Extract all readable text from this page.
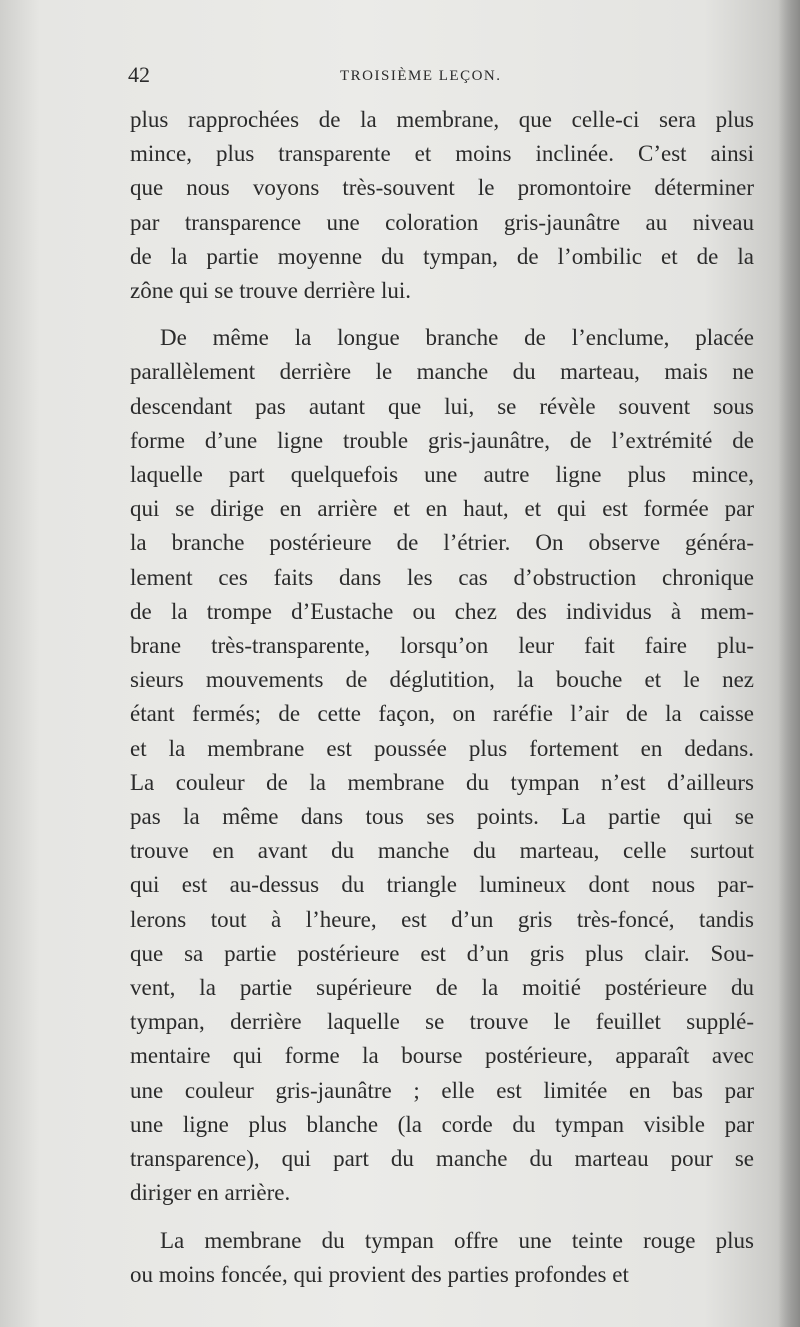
42	TROISIÈME LEÇON.
plus rapprochées de la membrane, que celle-ci sera plus
mince, plus transparente et moins inclinée. C’est ainsi
que nous voyons très-souvent le promontoire déterminer
par transparence une coloration gris-jaunâtre au niveau
de la partie moyenne du tympan, de l’ombilic et de la
zône qui se trouve derrière lui.
De même la longue branche de l’enclume, placée
parallèlement derrière le manche du marteau, mais ne
descendant pas autant que lui, se révèle souvent sous
forme d’une ligne trouble gris-jaunâtre, de l’extrémité de
laquelle part quelquefois une autre ligne plus mince,
qui se dirige en arrière et en haut, et qui est formée par
la branche postérieure de l’étrier. On observe généra-
lement ces faits dans les cas d’obstruction chronique
de la trompe d’Eustache ou chez des individus à mem-
brane très-transparente, lorsqu’on leur fait faire plu-
sieurs mouvements de déglutition, la bouche et le nez
étant fermés; de cette façon, on raréfie l’air de la caisse
et la membrane est poussée plus fortement en dedans.
La couleur de la membrane du tympan n’est d’ailleurs
pas la même dans tous ses points. La partie qui se
trouve en avant du manche du marteau, celle surtout
qui est au-dessus du triangle lumineux dont nous par-
lerons tout à l’heure, est d’un gris très-foncé, tandis
que sa partie postérieure est d’un gris plus clair. Sou-
vent, la partie supérieure de la moitié postérieure du
tympan, derrière laquelle se trouve le feuillet supplé-
mentaire qui forme la bourse postérieure, apparaît avec
une couleur gris-jaunâtre ; elle est limitée en bas par
une ligne plus blanche (la corde du tympan visible par
transparence), qui part du manche du marteau pour se
diriger en arrière.
La membrane du tympan offre une teinte rouge plus
ou moins foncée, qui provient des parties profondes et
